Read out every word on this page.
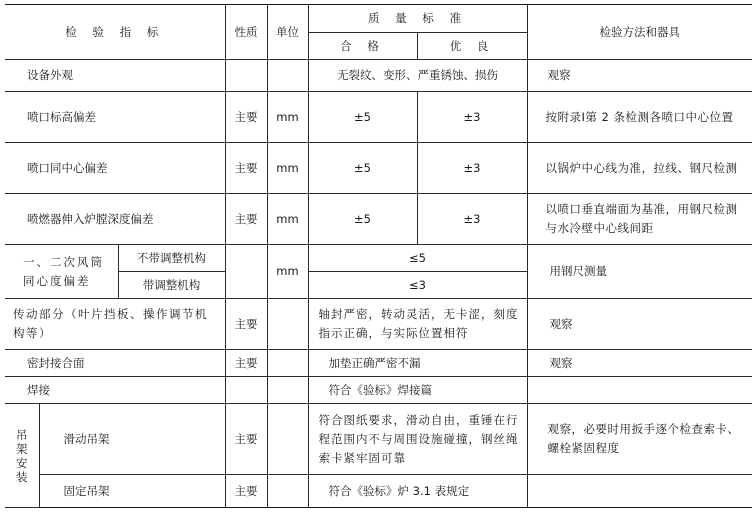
检 验 指 标			性质	单位	质 量 标 准		检验方法和器具
					合 格	优 良	
设备外观					无裂纹、变形、严重锈蚀、损伤		观察
喷口标高偏差			主要	mm	±5	±3	按附录Ⅰ第 2 条检测各喷口中心位置
喷口同中心偏差			主要	mm	±5	±3	以锅炉中心线为准，拉线、钢尺检测
喷燃器伸入炉膛深度偏差			主要	mm	±5	±3	以喷口垂直端面为基准，用钢尺检测与水冷壁中心线间距
一、二次风筒同心度偏差		不带调整机构		mm	≤5		用钢尺测量
		带调整机构			≤3		
传动部分（叶片挡板、操作调节机构等）			主要		轴封严密，转动灵活，无卡涩，刻度指示正确，与实际位置相符		观察
密封接合面			主要		加垫正确严密不漏		观察
焊接					符合《验标》焊接篇		

吊架安装	滑动吊架		主要		符合图纸要求，滑动自由，重锤在行程范围内不与周围设施碰撞，钢丝绳索卡紧牢固可靠		观察，必要时用扳手逐个检查索卡、螺栓紧固程度
	固定吊架		主要		符合《验标》炉 3.1 表规定		
